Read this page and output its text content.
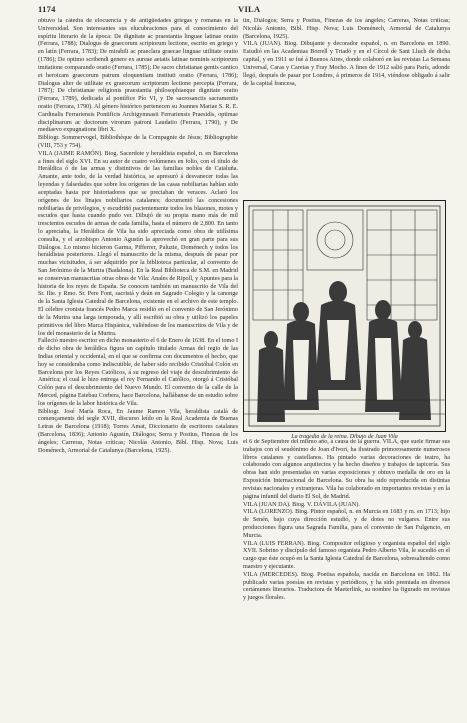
1174	VILA

obtuvo la cátedra de elocuencia y de antigüedades griegas y romanas en la Universidad. Son interesantes sus elucubraciones para el conocimiento del espíritu literario de la época: De dignitate ac praestantia linguae latinae oratio (Ferrara, 1788); Dialogus de graecorum scriptorum lectione, escrito en griego y en latín (Ferrara, 1783); De mirabili ac praeclara graecae linguae utilitate oratio (1786); De optimo scribendi genere ex aureae aetatis latinae nominis scriptorum imitatione comparando oratio (Ferrara, 1785); De sacro christianae gentis cantico et heroicam graecorum patrum eloquentiam instituti oratio (Ferrara, 1786); Dialogus alter de utilitate ex graecorum scriptorum lectione percepta (Ferrara, 1787); De christianae religionis praestantia philosophiaeque dignitate oratio (Ferrara, 1789), dedicada al pontífice Pío VI, y De sacrosanctis sacramentis oratio (Ferrara, 1790). Al género histórico pertenecen su Joannes Mariae S. R. E. Cardinalis Ferrariensis Pontificis Archigymnasii Ferrariensis Praesidis, optimae disciplinarum ac doctorum virorum patroni Laudatio (Ferrara, 1790), y De mediaevo expugnatione libri X.

Bibliogr. Sommervogel, Bibliothèque de la Compagnie de Jésus; Bibliographie (VIII, 753 y 754).

VILA (JAIME RAMÓN). Biog. Sacerdote y heraldista español, n. en Barcelona a fines del siglo XVI. En su autor de cuatro volúmenes en folio, con el título de Heráldica ó de las armas y distintivos de las familias nobles de Cataluña. Amante, ante todo, de la verdad histórica, se apresuró á desvanecer todas las leyendas y falsedades que sobre los orígenes de las casas nobiliarias habían sido aceptadas hasta por historiadores que se preciaban de veraces. Aclaró los orígenes de los linajes nobiliarios catalanes; documentó las concesiones nobiliarias de privilegios, y escudriñó pacientemente todos los blasones, motes y escudos que hasta cuando pudo ver. Dibujó de su propia mano más de mil trescientos escudos de armas de cada familia, hasta el número de 2,800. En tanto lo apreciaba, la Heráldica de Vila ha sido apreciada como obra de utilísima consulta, y el arzobispo Antonio Agustín la aprovechó en gran parte para sus Diálogos. Lo mismo hicieron Garma, Pifferrer, Paluzie, Doménech y todos los heraldistas posteriores. Llegó el manuscrito de la misma, después de pasar por muchas vicisitudes, á ser adquirido por la biblioteca particular, al convento de San Jerónimo de la Murtra (Badalona). En la Real Biblioteca de S.M. en Madrid se conservan manuscritas otras obras de Vila: Anales de Ripoll, y Apuntes para la historia de los reyes de España. Se conocen también un manuscrito de Vila del Sr. Ilte. y Rmo. Sr. Pere Font, sacristá y deán en Sagrado Colegio y la canonge de la Santa Iglesia Catedral de Barcelona, existente en el archivo de este templo. El célebre cronista francés Pedro Marca residió en el convento de San Jerónimo de la Murtra una larga temporada, y allí escribió su obra y utilizó los papeles primitivos del libro Marca Hispánica, valiéndose de los manuscritos de Vila y de los del monasterio de la Murtra.

Falleció nuestro escritor en dicho monasterio el 6 de Enero de 1638. En el tomo I de dicho obra de heráldica figura un capítulo titulado Armas del regio de las Indias oriental y occidental, en el que se confirma con documentos el hecho, que hoy se consideraba como indiscutible, de haber sido recibido Cristóbal Colón en Barcelona por los Reyes Católicos, á su regreso del viaje de descubrimiento de América; el cual le hizo entrega el rey Fernando el Católico, otorgó á Cristóbal Colón para el descubrimiento del Nuevo Mundo. El convento de la calle de la Merced, página Estebau Corbera, hace Barcelona, hallábanse de un estudio sobre los orígenes de la labor histórica de Vila.

Bibliogr. José María Roca, En Jaume Ramon Vila, heraldista catalá de començaments del segle XVII, discurso leído en la Real Academia de Buenas Letras de Barcelona (1918); Torres Amat, Diccionario de escritores catalanes (Barcelona, 1836); Antonio Agustín, Diálogos; Serra y Postius, Finezas de los ángeles; Carreras, Notas críticas; Nicolás Antonio, Bibl. Hisp. Nova; Luis Doménech, Armorial de Catalunya (Barcelona, 1925).

tin, Diálogos; Serra y Postius, Finezas de los ángeles; Carreras, Notas críticas; Nicolás Antonio, Bibl. Hisp. Nova; Luis Doménech, Armorial de Catalunya (Barcelona, 1925).

VILA (JUAN). Biog. Dibujante y decorador español, n. en Barcelona en 1890. Estudió en las Academias Borrell y Triadó y en el Círcol de Sant Lluch de dicha capital, y en 1911 se fué á Buenos Aires, donde colaboró en las revistas La Semana Universal, Caras y Caretas y Fray Mocho. A fines de 1912 salió para París, adonde llegó, después de pasar por Londres, á primeros de 1914, viéndose obligado á salir de la capital francesa,

La tragedia de la reina. Dibujo de Juan Vila

el 6 de Septiembre del mismo año, á causa de la guerra. VILA, que suele firmar sus trabajos con el seudónimo de Joan d'Ivori, ha ilustrado primorosamente numerosos libros catalanes y castellanos. Ha pintado varias decoraciones de teatro, ha colaborado con algunos arquitectos y ha hecho diseños y trabajos de tapicería. Sus obras han sido presentadas en varias exposiciones y obtuvo medalla de oro en la Exposición Internacional de Barcelona. Su obra ha sido reproducida en distintas revistas nacionales y extranjeras. Vila ha colaborado en importantes revistas y en la página infantil del diario El Sol, de Madrid.

VILA (JUAN DA). Biog. V. DÁVILA (JUAN).

VILA (LORENZO). Biog. Pintor español, n. en Murcia en 1683 y m. en 1713; hijo de Senén, bajo cuya dirección estudió, y de dotes no vulgares. Entre sus producciones figura una Sagrada Familia, para el convento de San Fulgencio, en Murcia.

VILA (LUIS FERRAN). Biog. Compositor religioso y organista español del siglo XVII. Sobrino y discípulo del famoso organista Pedro Alberto Vila, le sucedió en el cargo que éste ocupó en la Santa Iglesia Catedral de Barcelona, sobresaliendo como maestro y ejecutante.

VILA (MERCEDES). Biog. Poetisa española, nacida en Barcelona en 1862. Ha publicado varias poesías en revistas y periódicos, y ha sido premiada en diversos certámenes literarios. Traductora de Maeterlink, su nombre ha figurado en revistas y juegos florales.
